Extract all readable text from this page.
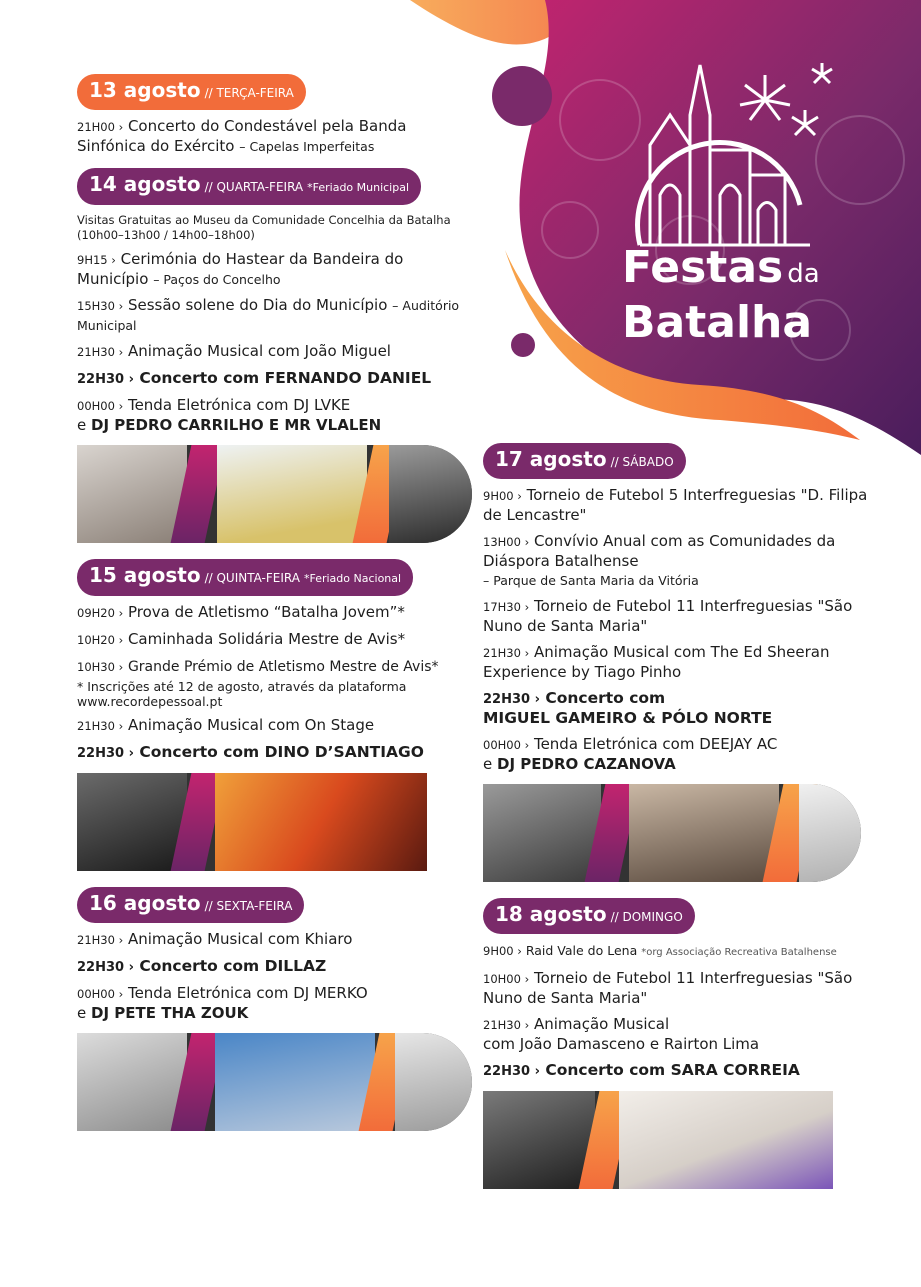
Festas da
Batalha
13 agosto // TERÇA-FEIRA
21H00 › Concerto do Condestável pela Banda Sinfónica do Exército – Capelas Imperfeitas
14 agosto // QUARTA-FEIRA *Feriado Municipal
Visitas Gratuitas ao Museu da Comunidade Concelhia da Batalha (10h00–13h00 / 14h00–18h00)
9H15 › Cerimónia do Hastear da Bandeira do Município – Paços do Concelho
15H30 › Sessão solene do Dia do Município – Auditório Municipal
21H30 › Animação Musical com João Miguel
22H30 › Concerto com FERNANDO DANIEL
00H00 › Tenda Eletrónica com DJ LVKE
e DJ PEDRO CARRILHO E MR VLALEN
15 agosto // QUINTA-FEIRA *Feriado Nacional
09H20 › Prova de Atletismo “Batalha Jovem”*
10H20 › Caminhada Solidária Mestre de Avis*
10H30 › Grande Prémio de Atletismo Mestre de Avis*
* Inscrições até 12 de agosto, através da plataforma www.recordepessoal.pt
21H30 › Animação Musical com On Stage
22H30 › Concerto com DINO D’SANTIAGO
16 agosto // SEXTA-FEIRA
21H30 › Animação Musical com Khiaro
22H30 › Concerto com DILLAZ
00H00 › Tenda Eletrónica com DJ MERKO
e DJ PETE THA ZOUK
17 agosto // SÁBADO
9H00 › Torneio de Futebol 5 Interfreguesias "D. Filipa de Lencastre"
13H00 › Convívio Anual com as Comunidades da Diáspora Batalhense
– Parque de Santa Maria da Vitória
17H30 › Torneio de Futebol 11 Interfreguesias "São Nuno de Santa Maria"
21H30 › Animação Musical com The Ed Sheeran Experience by Tiago Pinho
22H30 › Concerto com
MIGUEL GAMEIRO & PÓLO NORTE
00H00 › Tenda Eletrónica com DEEJAY AC
e DJ PEDRO CAZANOVA
18 agosto // DOMINGO
9H00 › Raid Vale do Lena *org Associação Recreativa Batalhense
10H00 › Torneio de Futebol 11 Interfreguesias "São Nuno de Santa Maria"
21H30 › Animação Musical
com João Damasceno e Rairton Lima
22H30 › Concerto com SARA CORREIA
